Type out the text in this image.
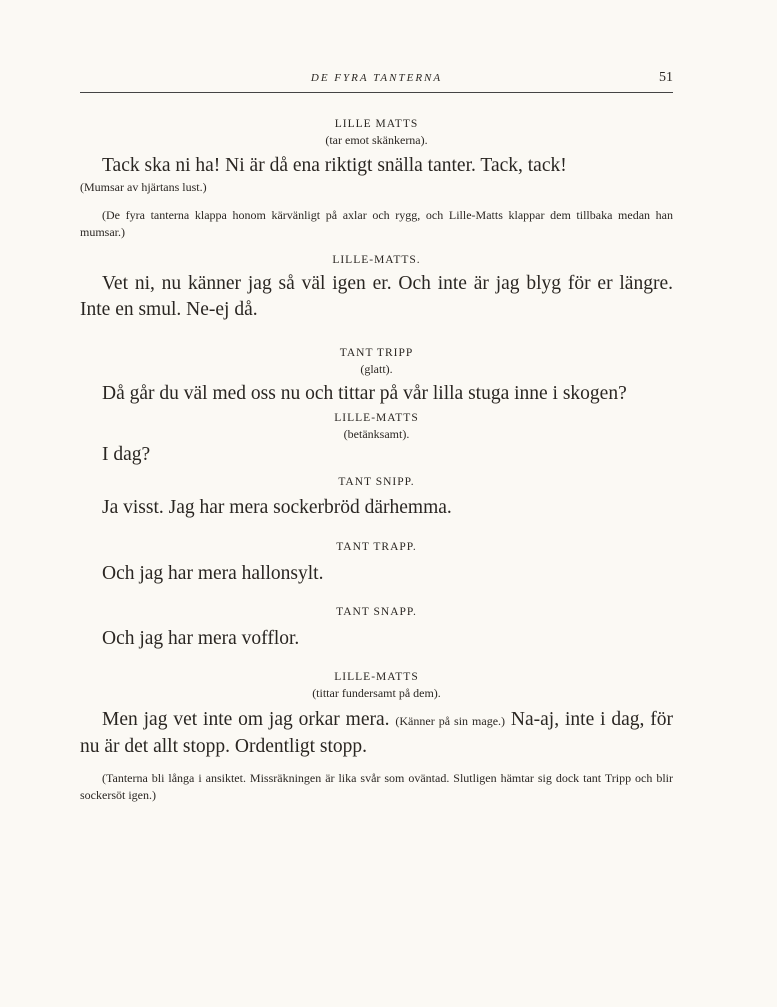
DE FYRA TANTERNA	51
LILLE MATTS
(tar emot skänkerna).
Tack ska ni ha! Ni är då ena riktigt snälla tanter. Tack, tack!
(Mumsar av hjärtans lust.)
(De fyra tanterna klappa honom kärvänligt på axlar och rygg, och Lille-Matts klappar dem tillbaka medan han mumsar.)
LILLE-MATTS.
Vet ni, nu känner jag så väl igen er. Och inte är jag blyg för er längre. Inte en smul. Ne-ej då.
TANT TRIPP
(glatt).
Då går du väl med oss nu och tittar på vår lilla stuga inne i skogen?
LILLE-MATTS
(betänksamt).
I dag?
TANT SNIPP.
Ja visst. Jag har mera sockerbröd därhemma.
TANT TRAPP.
Och jag har mera hallonsylt.
TANT SNAPP.
Och jag har mera vofflor.
LILLE-MATTS
(tittar fundersamt på dem).
Men jag vet inte om jag orkar mera. (Känner på sin mage.) Na-aj, inte i dag, för nu är det allt stopp. Ordentligt stopp.
(Tanterna bli långa i ansiktet. Missräkningen är lika svår som oväntad. Slutligen hämtar sig dock tant Tripp och blir sockersöt igen.)
